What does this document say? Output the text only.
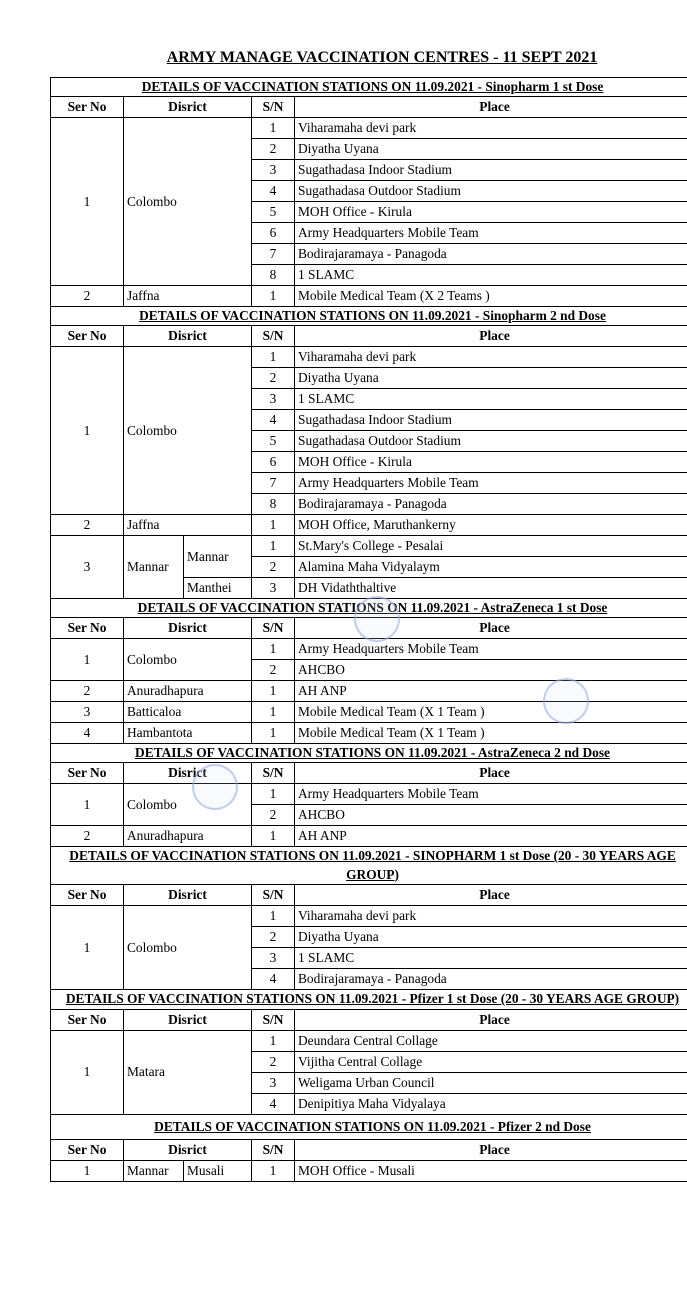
ARMY MANAGE VACCINATION CENTRES - 11 SEPT 2021
DETAILS OF VACCINATION STATIONS ON 11.09.2021 - Sinopharm 1 st Dose				
Ser No	Disrict		S/N	Place
1	Colombo		1	Viharamaha devi park
			2	Diyatha Uyana
			3	Sugathadasa Indoor Stadium
			4	Sugathadasa Outdoor Stadium
			5	MOH Office - Kirula
			6	Army Headquarters Mobile Team
			7	Bodirajaramaya - Panagoda
			8	1 SLAMC
2	Jaffna		1	Mobile Medical Team (X 2 Teams )
DETAILS OF VACCINATION STATIONS ON 11.09.2021 - Sinopharm 2 nd Dose				
Ser No	Disrict		S/N	Place
1	Colombo		1	Viharamaha devi park
			2	Diyatha Uyana
			3	1 SLAMC
			4	Sugathadasa Indoor Stadium
			5	Sugathadasa Outdoor Stadium
			6	MOH Office - Kirula
			7	Army Headquarters Mobile Team
			8	Bodirajaramaya - Panagoda
2	Jaffna		1	MOH Office, Maruthankerny
3	Mannar	Mannar	1	St.Mary's College - Pesalai
			2	Alamina Maha Vidyalaym
		Manthei	3	DH Vidaththaltive
DETAILS OF VACCINATION STATIONS ON 11.09.2021 - AstraZeneca 1 st Dose				
Ser No	Disrict		S/N	Place
1	Colombo		1	Army Headquarters Mobile Team
			2	AHCBO
2	Anuradhapura		1	AH ANP
3	Batticaloa		1	Mobile Medical Team (X 1 Team )
4	Hambantota		1	Mobile Medical Team (X 1 Team )
DETAILS OF VACCINATION STATIONS ON 11.09.2021 - AstraZeneca 2 nd Dose				
Ser No	Disrict		S/N	Place
1	Colombo		1	Army Headquarters Mobile Team
			2	AHCBO
2	Anuradhapura		1	AH ANP
DETAILS OF VACCINATION STATIONS ON 11.09.2021 - SINOPHARM 1 st Dose (20 - 30 YEARS AGE GROUP)				
Ser No	Disrict		S/N	Place
1	Colombo		1	Viharamaha devi park
			2	Diyatha Uyana
			3	1 SLAMC
			4	Bodirajaramaya - Panagoda
DETAILS OF VACCINATION STATIONS ON 11.09.2021 - Pfizer 1 st Dose (20 - 30 YEARS AGE GROUP)				
Ser No	Disrict		S/N	Place
1	Matara		1	Deundara Central Collage
			2	Vijitha Central Collage
			3	Weligama Urban Council
			4	Denipitiya Maha Vidyalaya
DETAILS OF VACCINATION STATIONS ON 11.09.2021 - Pfizer 2 nd Dose				
Ser No	Disrict		S/N	Place
1	Mannar	Musali	1	MOH Office - Musali
